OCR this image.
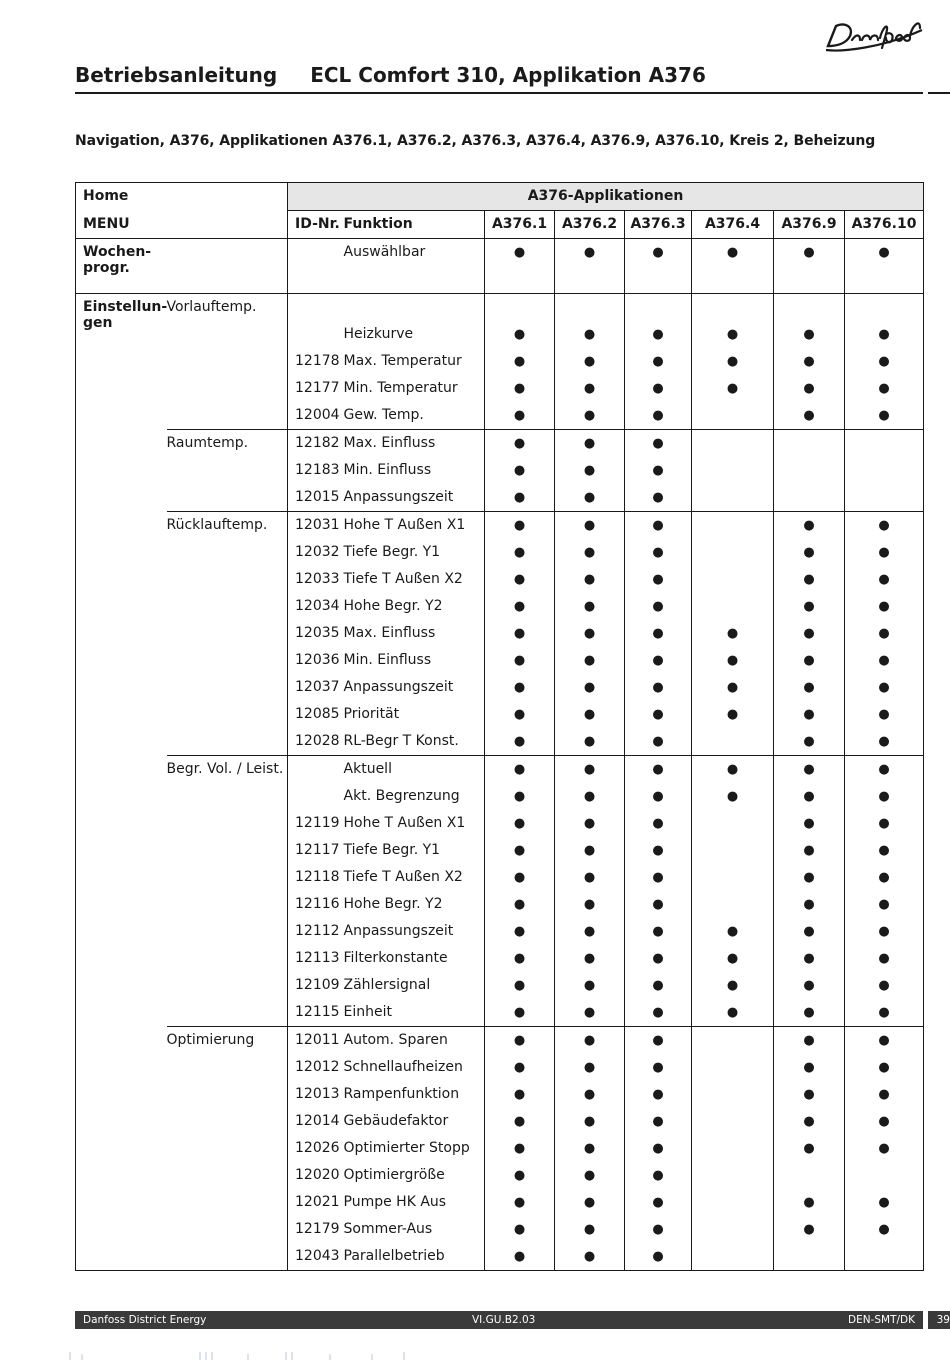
Betriebsanleitung ECL Comfort 310, Applikation A376
Navigation, A376, Applikationen A376.1, A376.2, A376.3, A376.4, A376.9, A376.10, Kreis 2, Beheizung
Home		A376-Applikationen							
MENU		ID-Nr.	Funktion	A376.1	A376.2	A376.3	A376.4	A376.9	A376.10
Wochen-
progr.			Auswählbar	●	●	●	●	●	●

Einstellun-
gen	Vorlauftemp.								
			Heizkurve	●	●	●	●	●	●
		12178	Max. Temperatur	●	●	●	●	●	●
		12177	Min. Temperatur	●	●	●	●	●	●
		12004	Gew. Temp.	●	●	●		●	●
	Raumtemp.	12182	Max. Einfluss	●	●	●			
		12183	Min. Einfluss	●	●	●			
		12015	Anpassungszeit	●	●	●			
	Rücklauftemp.	12031	Hohe T Außen X1	●	●	●		●	●
		12032	Tiefe Begr. Y1	●	●	●		●	●
		12033	Tiefe T Außen X2	●	●	●		●	●
		12034	Hohe Begr. Y2	●	●	●		●	●
		12035	Max. Einfluss	●	●	●	●	●	●
		12036	Min. Einfluss	●	●	●	●	●	●
		12037	Anpassungszeit	●	●	●	●	●	●
		12085	Priorität	●	●	●	●	●	●
		12028	RL-Begr T Konst.	●	●	●		●	●
	Begr. Vol. / Leist.		Aktuell	●	●	●	●	●	●
			Akt. Begrenzung	●	●	●	●	●	●
		12119	Hohe T Außen X1	●	●	●		●	●
		12117	Tiefe Begr. Y1	●	●	●		●	●
		12118	Tiefe T Außen X2	●	●	●		●	●
		12116	Hohe Begr. Y2	●	●	●		●	●
		12112	Anpassungszeit	●	●	●	●	●	●
		12113	Filterkonstante	●	●	●	●	●	●
		12109	Zählersignal	●	●	●	●	●	●
		12115	Einheit	●	●	●	●	●	●
	Optimierung	12011	Autom. Sparen	●	●	●		●	●
		12012	Schnellaufheizen	●	●	●		●	●
		12013	Rampenfunktion	●	●	●		●	●
		12014	Gebäudefaktor	●	●	●		●	●
		12026	Optimierter Stopp	●	●	●		●	●
		12020	Optimiergröße	●	●	●			
		12021	Pumpe HK Aus	●	●	●		●	●
		12179	Sommer-Aus	●	●	●		●	●
		12043	Parallelbetrieb	●	●	●			
Danfoss District Energy	VI.GU.B2.03	DEN-SMT/DK	39
